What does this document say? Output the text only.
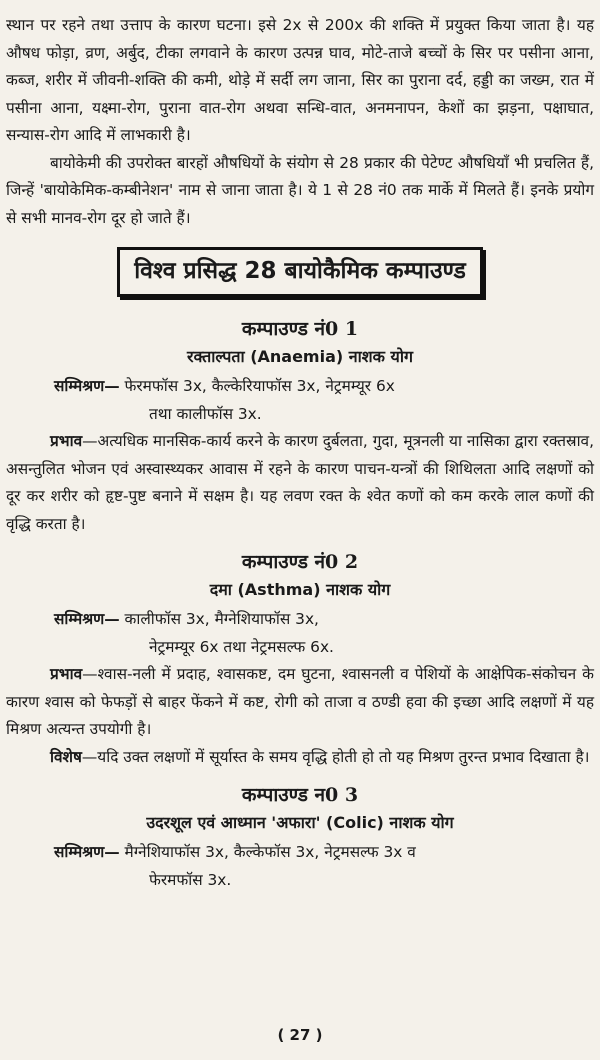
स्थान पर रहने तथा उत्ताप के कारण घटना। इसे 2x से 200x की शक्ति में प्रयुक्त किया जाता है। यह औषध फोड़ा, व्रण, अर्बुद, टीका लगवाने के कारण उत्पन्न घाव, मोटे-ताजे बच्चों के सिर पर पसीना आना, कब्ज, शरीर में जीवनी-शक्ति की कमी, थोड़े में सर्दी लग जाना, सिर का पुराना दर्द, हड्डी का जख्म, रात में पसीना आना, यक्ष्मा-रोग, पुराना वात-रोग अथवा सन्धि-वात, अनमनापन, केशों का झड़ना, पक्षाघात, सन्यास-रोग आदि में लाभकारी है।

बायोकेमी की उपरोक्त बारहों औषधियों के संयोग से 28 प्रकार की पेटेण्ट औषधियाँ भी प्रचलित हैं, जिन्हें 'बायोकेमिक-कम्बीनेशन' नाम से जाना जाता है। ये 1 से 28 नं0 तक मार्के में मिलते हैं। इनके प्रयोग से सभी मानव-रोग दूर हो जाते हैं।

विश्व प्रसिद्ध 28 बायोकैमिक कम्पाउण्ड
कम्पाउण्ड नं0 1
रक्ताल्पता (Anaemia) नाशक योग
सम्मिश्रण— फेरमफॉस 3x, कैल्केरियाफॉस 3x, नेट्रमम्यूर 6x
तथा कालीफॉस 3x.

प्रभाव—अत्यधिक मानसिक-कार्य करने के कारण दुर्बलता, गुदा, मूत्रनली या नासिका द्वारा रक्तस्राव, असन्तुलित भोजन एवं अस्वास्थ्यकर आवास में रहने के कारण पाचन-यन्त्रों की शिथिलता आदि लक्षणों को दूर कर शरीर को हृष्ट-पुष्ट बनाने में सक्षम है। यह लवण रक्त के श्वेत कणों को कम करके लाल कणों की वृद्धि करता है।

कम्पाउण्ड नं0 2
दमा (Asthma) नाशक योग
सम्मिश्रण— कालीफॉस 3x, मैग्नेशियाफॉस 3x,
नेट्रमम्यूर 6x तथा नेट्रमसल्फ 6x.

प्रभाव—श्वास-नली में प्रदाह, श्वासकष्ट, दम घुटना, श्वासनली व पेशियों के आक्षेपिक-संकोचन के कारण श्वास को फेफड़ों से बाहर फेंकने में कष्ट, रोगी को ताजा व ठण्डी हवा की इच्छा आदि लक्षणों में यह मिश्रण अत्यन्त उपयोगी है।

विशेष—यदि उक्त लक्षणों में सूर्यास्त के समय वृद्धि होती हो तो यह मिश्रण तुरन्त प्रभाव दिखाता है।

कम्पाउण्ड न0 3
उदरशूल एवं आध्मान 'अफारा' (Colic) नाशक योग
सम्मिश्रण— मैग्नेशियाफॉस 3x, कैल्केफॉस 3x, नेट्रमसल्फ 3x व
फेरमफॉस 3x.
( 27 )
